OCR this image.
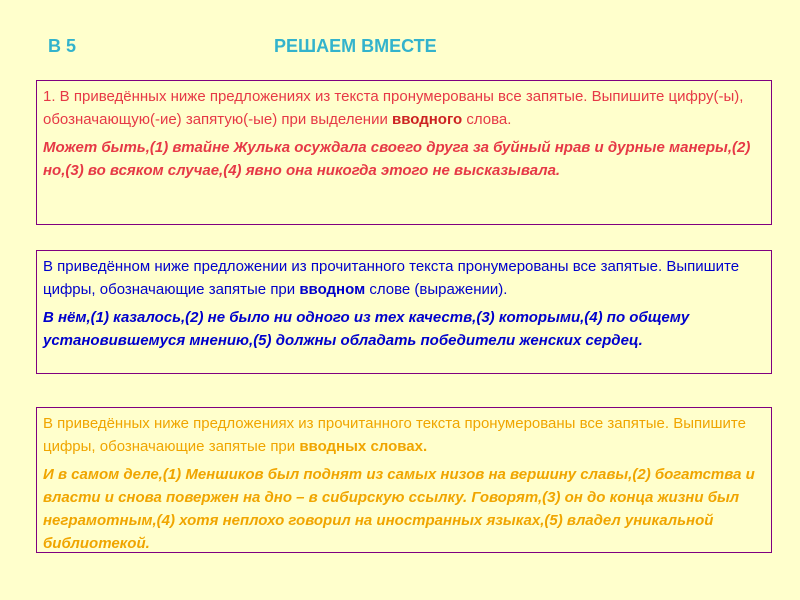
В 5	РЕШАЕМ ВМЕСТЕ

1. В приведённых ниже предложениях из текста пронумерованы все запятые. Выпишите цифру(-ы), обозначающую(-ие) запятую(-ые) при выделении вводного слова.

Может быть,(1) втайне Жулька осуждала своего друга за буйный нрав и дурные манеры,(2) но,(3) во всяком случае,(4) явно она никогда этого не высказывала.

В приведённом ниже предложении из прочитанного текста пронумерованы все запятые. Выпишите цифры, обозначающие запятые при вводном слове (выражении).

В нём,(1) казалось,(2) не было ни одного из тех качеств,(3) которыми,(4) по общему установившемуся мнению,(5) должны обладать победители женских сердец.

В приведённых ниже предложениях из прочитанного текста пронумерованы все запятые. Выпишите цифры, обозначающие запятые при вводных словах.

И в самом деле,(1) Меншиков был поднят из самых низов на вершину славы,(2) богатства и власти и снова повержен на дно – в сибирскую ссылку. Говорят,(3) он до конца жизни был неграмотным,(4) хотя неплохо говорил на иностранных языках,(5) владел уникальной библиотекой.
